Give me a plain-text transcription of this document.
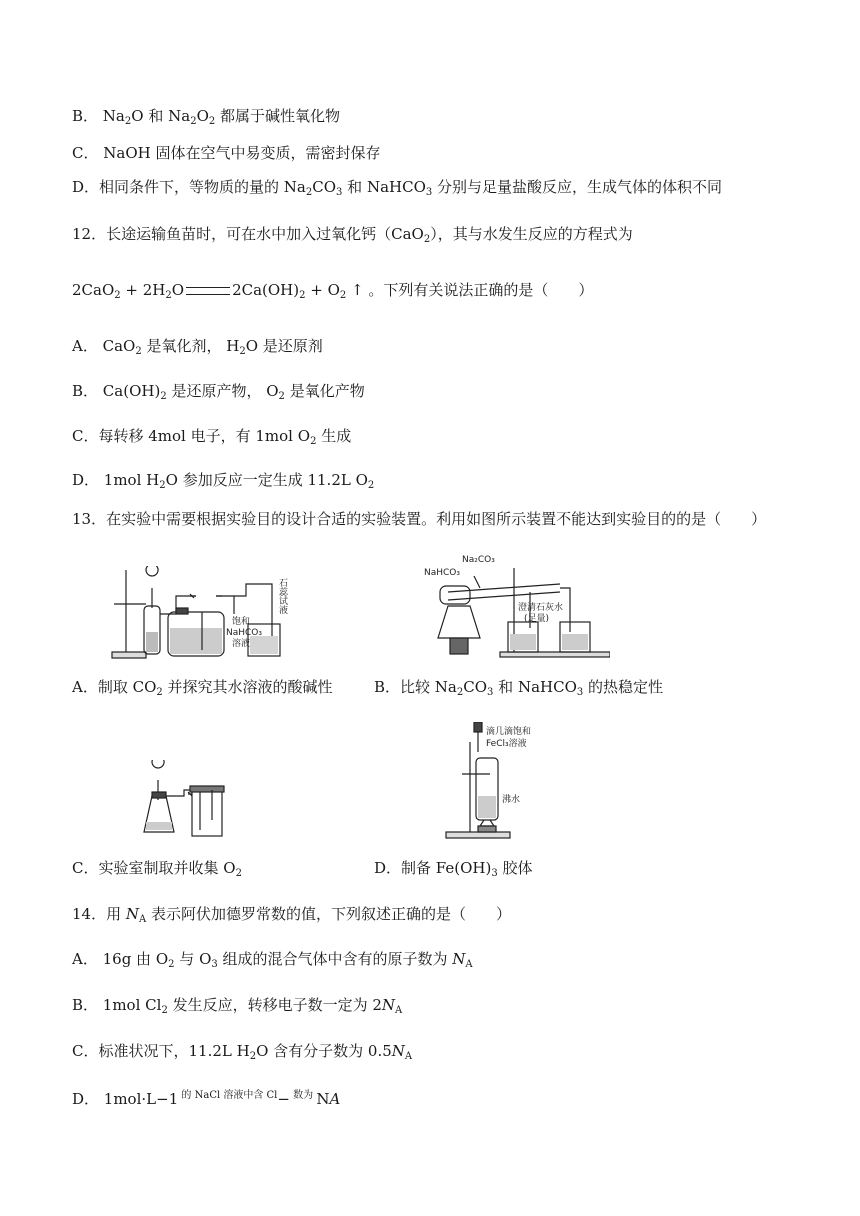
B． $Na_2O$ 和 $Na_2O_2$ 都属于碱性氧化物
C． NaOH 固体在空气中易变质，需密封保存
D．相同条件下，等物质的量的 $Na_2CO_3$ 和 NaHCO$_3$ 分别与足量盐酸反应，生成气体的体积不同
12．长途运输鱼苗时，可在水中加入过氧化钙（CaO$_2$），其与水发生反应的方程式为
$2CaO_2 + 2H_2O$	$2Ca(OH)_2 + O_2$ ↑ 。下列有关说法正确的是（　　）
A． CaO$_2$ 是氧化剂， $H_2O$ 是还原剂
B． $Ca(OH)_2$ 是还原产物， $O_2$ 是氧化产物
C．每转移 4mol 电子，有 1mol $O_2$ 生成
D． 1mol $H_2O$ 参加反应一定生成 11.2L $O_2$
13．在实验中需要根据实验目的设计合适的实验装置。利用如图所示装置不能达到实验目的的是（　　）
饱和
NaHCO₃
溶液
石蕊试液
Na₂CO₃
NaHCO₃
澄清石灰水
(足量)
A．制取 $CO_2$ 并探究其水溶液的酸碱性	B．比较 $Na_2CO_3$ 和 NaHCO$_3$ 的热稳定性
滴几滴饱和
FeCl₃溶液
沸水
C．实验室制取并收集 $O_2$	D．制备 $Fe(OH)_3$ 胶体
14．用 $N_A$ 表示阿伏加德罗常数的值，下列叙述正确的是（　　）
A． 16g 由 $O_2$ 与 $O_3$ 组成的混合气体中含有的原子数为 $N_A$
B． 1mol $Cl_2$ 发生反应，转移电子数一定为 $2N_A$
C．标准状况下，11.2L $H_2O$ 含有分子数为 $0.5N_A$
D． 1mol·L−1 $^{的 NaCl 溶液中含 Cl}$− $^{数为}$ NA
